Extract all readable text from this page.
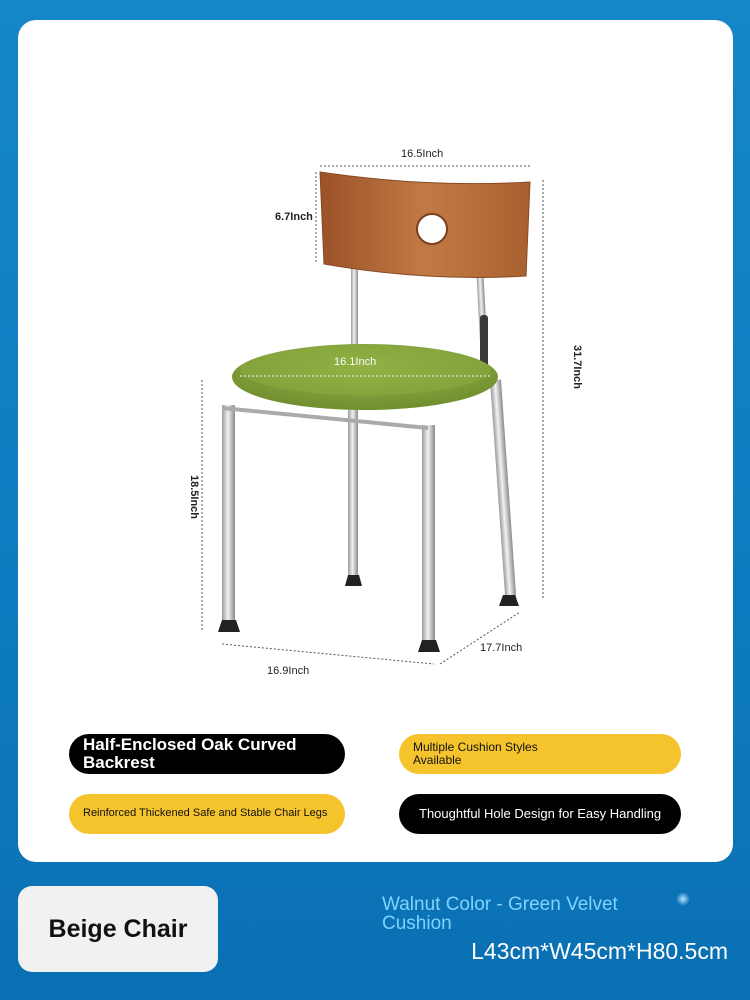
16.5Inch
6.7Inch
31.7Inch
16.1Inch
18.5Inch
16.9Inch
17.7Inch
Half-Enclosed Oak Curved Backrest
Multiple Cushion Styles Available
Reinforced Thickened Safe and Stable Chair Legs	Thoughtful Hole Design for Easy Handling
Beige Chair
Walnut Color - Green Velvet Cushion
L43cm*W45cm*H80.5cm
